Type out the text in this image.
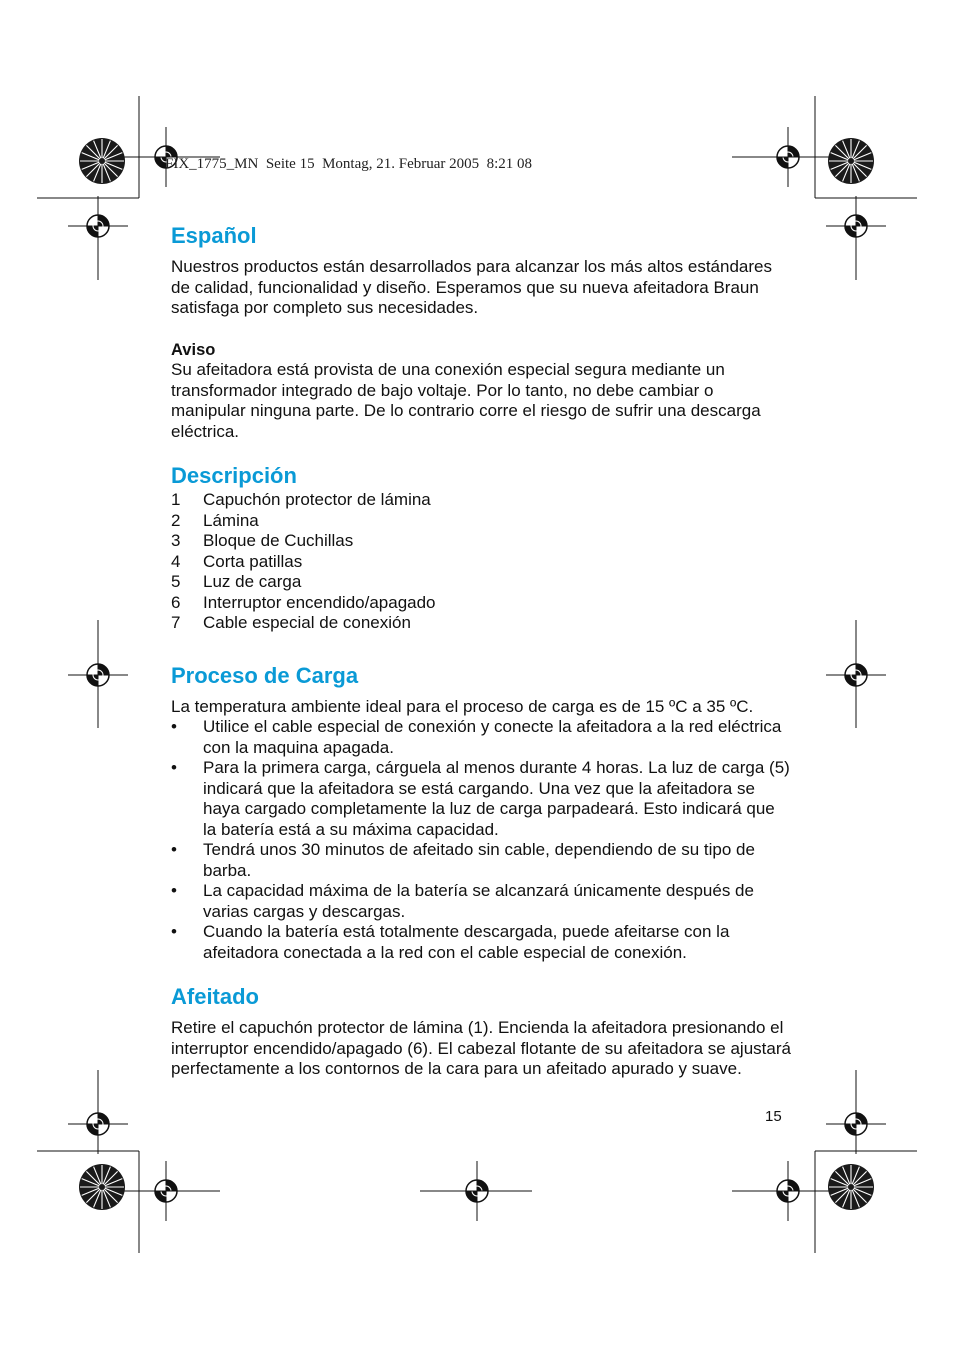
FIX_1775_MN  Seite 15  Montag, 21. Februar 2005  8:21 08
Español

Nuestros productos están desarrollados para alcanzar los más altos estándares de calidad, funcionalidad y diseño. Esperamos que su nueva afeitadora Braun satisfaga por completo sus necesidades.

Aviso

Su afeitadora está provista de una conexión especial segura mediante un transformador integrado de bajo voltaje. Por lo tanto, no debe cambiar o manipular ninguna parte. De lo contrario corre el riesgo de sufrir una descarga eléctrica.

Descripción
1	Capuchón protector de lámina
2	Lámina
3	Bloque de Cuchillas
4	Corta patillas
5	Luz de carga
6	Interruptor encendido/apagado
7	Cable especial de conexión
Proceso de Carga

La temperatura ambiente ideal para el proceso de carga es de 15 ºC a 35 ºC.

•	Utilice el cable especial de conexión y conecte la afeitadora a la red eléctrica con la maquina apagada.
•	Para la primera carga, cárguela al menos durante 4 horas. La luz de carga (5) indicará que la afeitadora se está cargando. Una vez que la afeitadora se haya cargado completamente la luz de carga parpadeará. Esto indicará que la batería está a su máxima capacidad.
•	Tendrá unos 30 minutos de afeitado sin cable, dependiendo de su tipo de barba.
•	La capacidad máxima de la batería se alcanzará únicamente después de varias cargas y descargas.
•	Cuando la batería está totalmente descargada, puede afeitarse con la afeitadora conectada a la red con el cable especial de conexión.
Afeitado

Retire el capuchón protector de lámina (1). Encienda la afeitadora presionando el interruptor encendido/apagado (6). El cabezal flotante de su afeitadora se ajustará perfectamente a los contornos de la cara para un afeitado apurado y suave.

15
